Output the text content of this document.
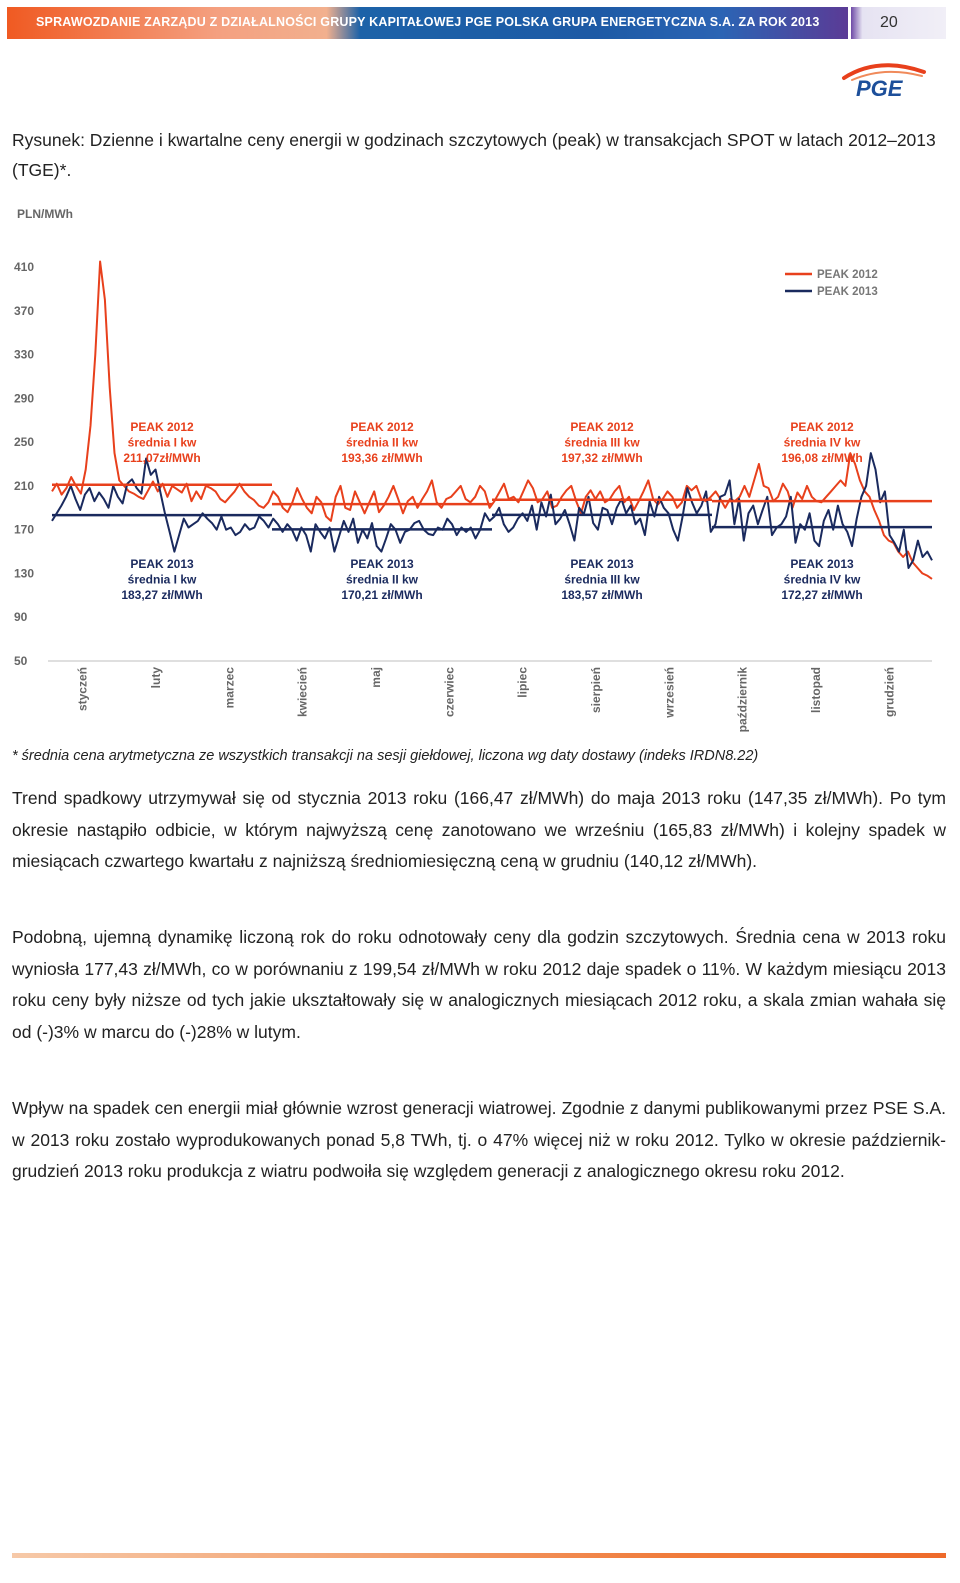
SPRAWOZDANIE ZARZĄDU Z DZIAŁALNOŚCI GRUPY KAPITAŁOWEJ PGE POLSKA GRUPA ENERGETYCZNA S.A. ZA ROK 2013	20
PGE
Rysunek: Dzienne i kwartalne ceny energii w godzinach szczytowych (peak) w transakcjach SPOT w latach 2012–2013 (TGE)*.
PLN/MWh
410
370
330
290
250
210
170
130
90
50
styczeń	luty	marzec	kwiecień	maj	czerwiec	lipiec	sierpień	wrzesień	październik	listopad	grudzień
PEAK 2012
średnia I kw
211,07zł/MWh
PEAK 2012
średnia II kw
193,36 zł/MWh
PEAK 2012
średnia III kw
197,32 zł/MWh
PEAK 2012
średnia IV kw
196,08 zł/MWh
PEAK 2013
średnia I kw
183,27 zł/MWh
PEAK 2013
średnia II kw
170,21 zł/MWh
PEAK 2013
średnia III kw
183,57 zł/MWh
PEAK 2013
średnia IV kw
172,27 zł/MWh
PEAK 2012
PEAK 2013
* średnia cena arytmetyczna ze wszystkich transakcji na sesji giełdowej, liczona wg daty dostawy (indeks IRDN8.22)
Trend spadkowy utrzymywał się od stycznia 2013 roku (166,47 zł/MWh) do maja 2013 roku (147,35 zł/MWh). Po tym okresie nastąpiło odbicie, w którym najwyższą cenę zanotowano we wrześniu (165,83 zł/MWh) i kolejny spadek w miesiącach czwartego kwartału z najniższą średniomiesięczną ceną w grudniu (140,12 zł/MWh).
Podobną, ujemną dynamikę liczoną rok do roku odnotowały ceny dla godzin szczytowych. Średnia cena w 2013 roku wyniosła 177,43 zł/MWh, co w porównaniu z 199,54 zł/MWh w roku 2012 daje spadek o 11%. W każdym miesiącu 2013 roku ceny były niższe od tych jakie ukształtowały się w analogicznych miesiącach 2012 roku, a skala zmian wahała się od (-)3% w marcu do (-)28% w lutym.
Wpływ na spadek cen energii miał głównie wzrost generacji wiatrowej. Zgodnie z danymi publikowanymi przez PSE S.A. w 2013 roku zostało wyprodukowanych ponad 5,8 TWh, tj. o 47% więcej niż w roku 2012. Tylko w okresie październik-grudzień 2013 roku produkcja z wiatru podwoiła się względem generacji z analogicznego okresu roku 2012.
